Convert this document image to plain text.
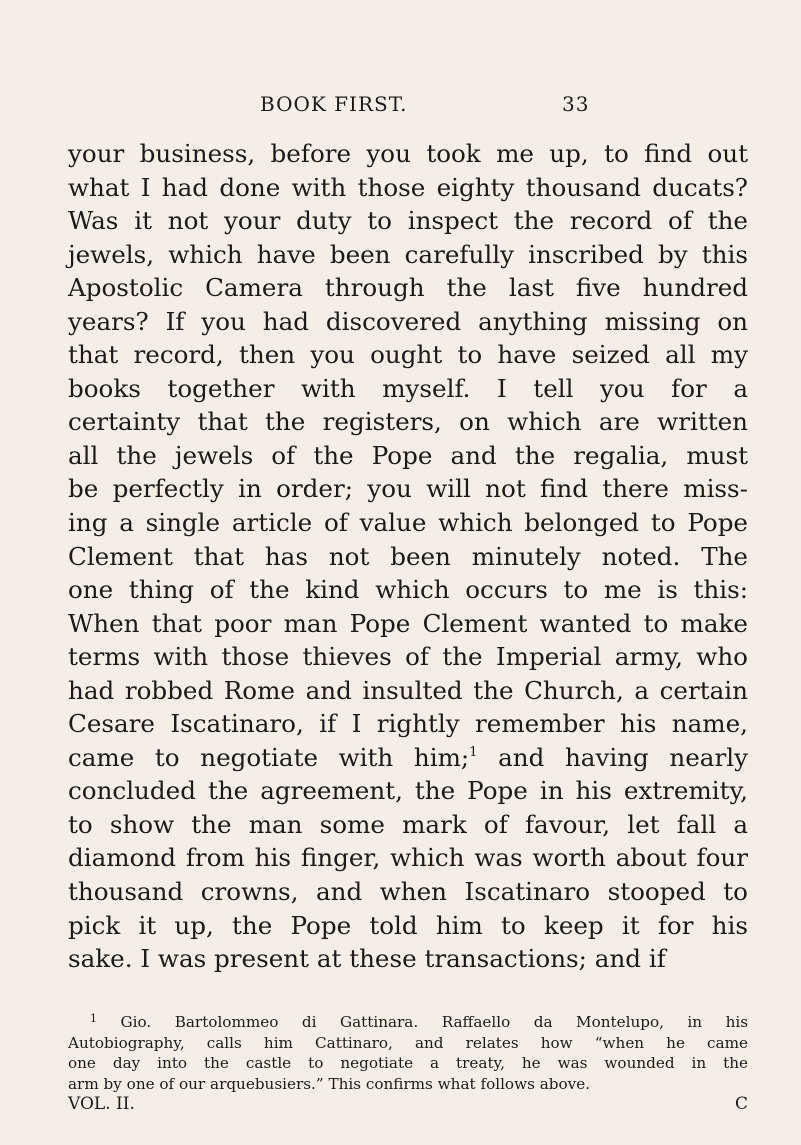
BOOK FIRST.	33
your business, before you took me up, to find out
what I had done with those eighty thousand ducats?
Was it not your duty to inspect the record of the
jewels, which have been carefully inscribed by this
Apostolic Camera through the last five hundred
years? If you had discovered anything missing on
that record, then you ought to have seized all my
books together with myself. I tell you for a
certainty that the registers, on which are written
all the jewels of the Pope and the regalia, must
be perfectly in order; you will not find there miss-
ing a single article of value which belonged to Pope
Clement that has not been minutely noted. The
one thing of the kind which occurs to me is this:
When that poor man Pope Clement wanted to make
terms with those thieves of the Imperial army, who
had robbed Rome and insulted the Church, a certain
Cesare Iscatinaro, if I rightly remember his name,
came to negotiate with him;$^1$ and having nearly
concluded the agreement, the Pope in his extremity,
to show the man some mark of favour, let fall a
diamond from his finger, which was worth about four
thousand crowns, and when Iscatinaro stooped to
pick it up, the Pope told him to keep it for his
sake. I was present at these transactions; and if
$^1$ Gio. Bartolommeo di Gattinara. Raffaello da Montelupo, in his
Autobiography, calls him Cattinaro, and relates how “when he came
one day into the castle to negotiate a treaty, he was wounded in the
arm by one of our arquebusiers.” This confirms what follows above.
VOL. II.	C
